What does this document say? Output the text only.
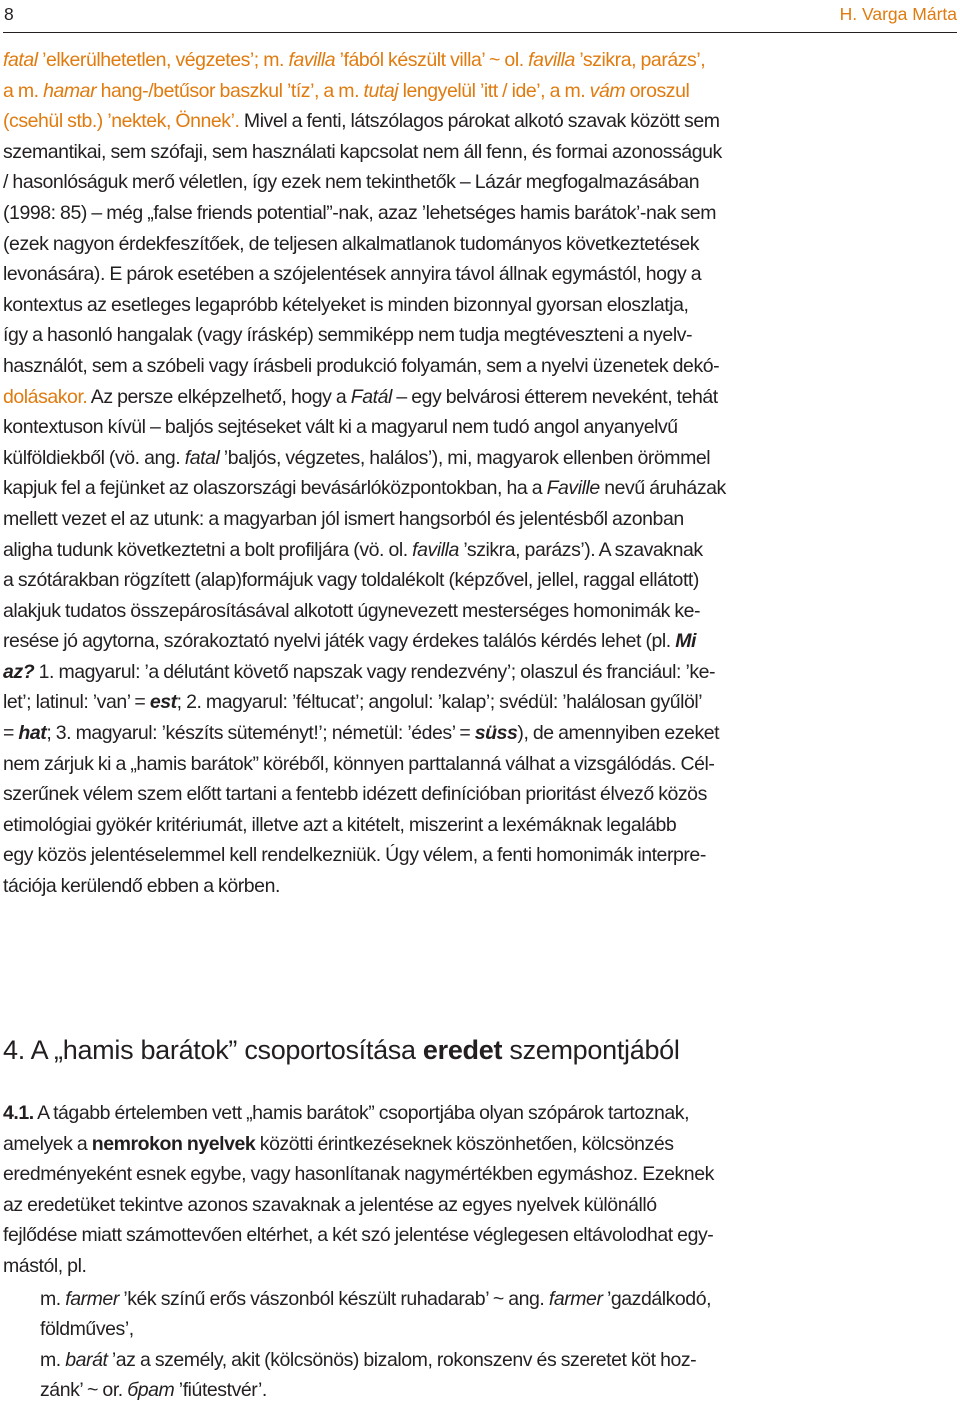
8	H. Varga Márta
fatal ’elkerülhetetlen, végzetes’; m. favilla ’fából készült villa’ ~ ol. favilla ’szikra, parázs’,
a m. hamar hang-/betűsor baszkul ’tíz’, a m. tutaj lengyelül ’itt / ide’, a m. vám oroszul
(csehül stb.) ’nektek, Önnek’. Mivel a fenti, látszólagos párokat alkotó szavak között sem
szemantikai, sem szófaji, sem használati kapcsolat nem áll fenn, és formai azonosságuk
/ hasonlóságuk merő véletlen, így ezek nem tekinthetők – Lázár megfogalmazásában
(1998: 85) – még „false friends potential”-nak, azaz ’lehetséges hamis barátok’-nak sem
(ezek nagyon érdekfeszítőek, de teljesen alkalmatlanok tudományos következtetések
levonására). E párok esetében a szójelentések annyira távol állnak egymástól, hogy a
kontextus az esetleges legapróbb kételyeket is minden bizonnyal gyorsan eloszlatja,
így a hasonló hangalak (vagy íráskép) semmiképp nem tudja megtéveszteni a nyelv-
használót, sem a szóbeli vagy írásbeli produkció folyamán, sem a nyelvi üzenetek dekó-
dolásakor. Az persze elképzelhető, hogy a Fatál – egy belvárosi étterem neveként, tehát
kontextuson kívül – baljós sejtéseket vált ki a magyarul nem tudó angol anyanyelvű
külföldiekből (vö. ang. fatal ’baljós, végzetes, halálos’), mi, magyarok ellenben örömmel
kapjuk fel a fejünket az olaszországi bevásárlóközpontokban, ha a Faville nevű áruházak
mellett vezet el az utunk: a magyarban jól ismert hangsorból és jelentésből azonban
aligha tudunk következtetni a bolt profiljára (vö. ol. favilla ’szikra, parázs’). A szavaknak
a szótárakban rögzített (alap)formájuk vagy toldalékolt (képzővel, jellel, raggal ellátott)
alakjuk tudatos összepárosításával alkotott úgynevezett mesterséges homonimák ke-
resése jó agytorna, szórakoztató nyelvi játék vagy érdekes találós kérdés lehet (pl. Mi
az? 1. magyarul: ’a délutánt követő napszak vagy rendezvény’; olaszul és franciául: ’ke-
let’; latinul: ’van’ = est; 2. magyarul: ’féltucat’; angolul: ’kalap’; svédül: ’halálosan gyűlöl’
= hat; 3. magyarul: ’készíts süteményt!’; németül: ’édes’ = süss), de amennyiben ezeket
nem zárjuk ki a „hamis barátok” köréből, könnyen parttalanná válhat a vizsgálódás. Cél-
szerűnek vélem szem előtt tartani a fentebb idézett definícióban prioritást élvező közös
etimológiai gyökér kritériumát, illetve azt a kitételt, miszerint a lexémáknak legalább
egy közös jelentéselemmel kell rendelkezniük. Úgy vélem, a fenti homonimák interpre-
tációja kerülendő ebben a körben.
4. A „hamis barátok” csoportosítása eredet szempontjából
4.1. A tágabb értelemben vett „hamis barátok” csoportjába olyan szópárok tartoznak,
amelyek a nemrokon nyelvek közötti érintkezéseknek köszönhetően, kölcsönzés
eredményeként esnek egybe, vagy hasonlítanak nagymértékben egymáshoz. Ezeknek
az eredetüket tekintve azonos szavaknak a jelentése az egyes nyelvek különálló
fejlődése miatt számottevően eltérhet, a két szó jelentése véglegesen eltávolodhat egy-
mástól, pl.
m. farmer ’kék színű erős vászonból készült ruhadarab’ ~ ang. farmer ’gazdálkodó,
földműves’,
m. barát ’az a személy, akit (kölcsönös) bizalom, rokonszenv és szeretet köt hoz-
zánk’ ~ or. брат ’fiútestvér’.
